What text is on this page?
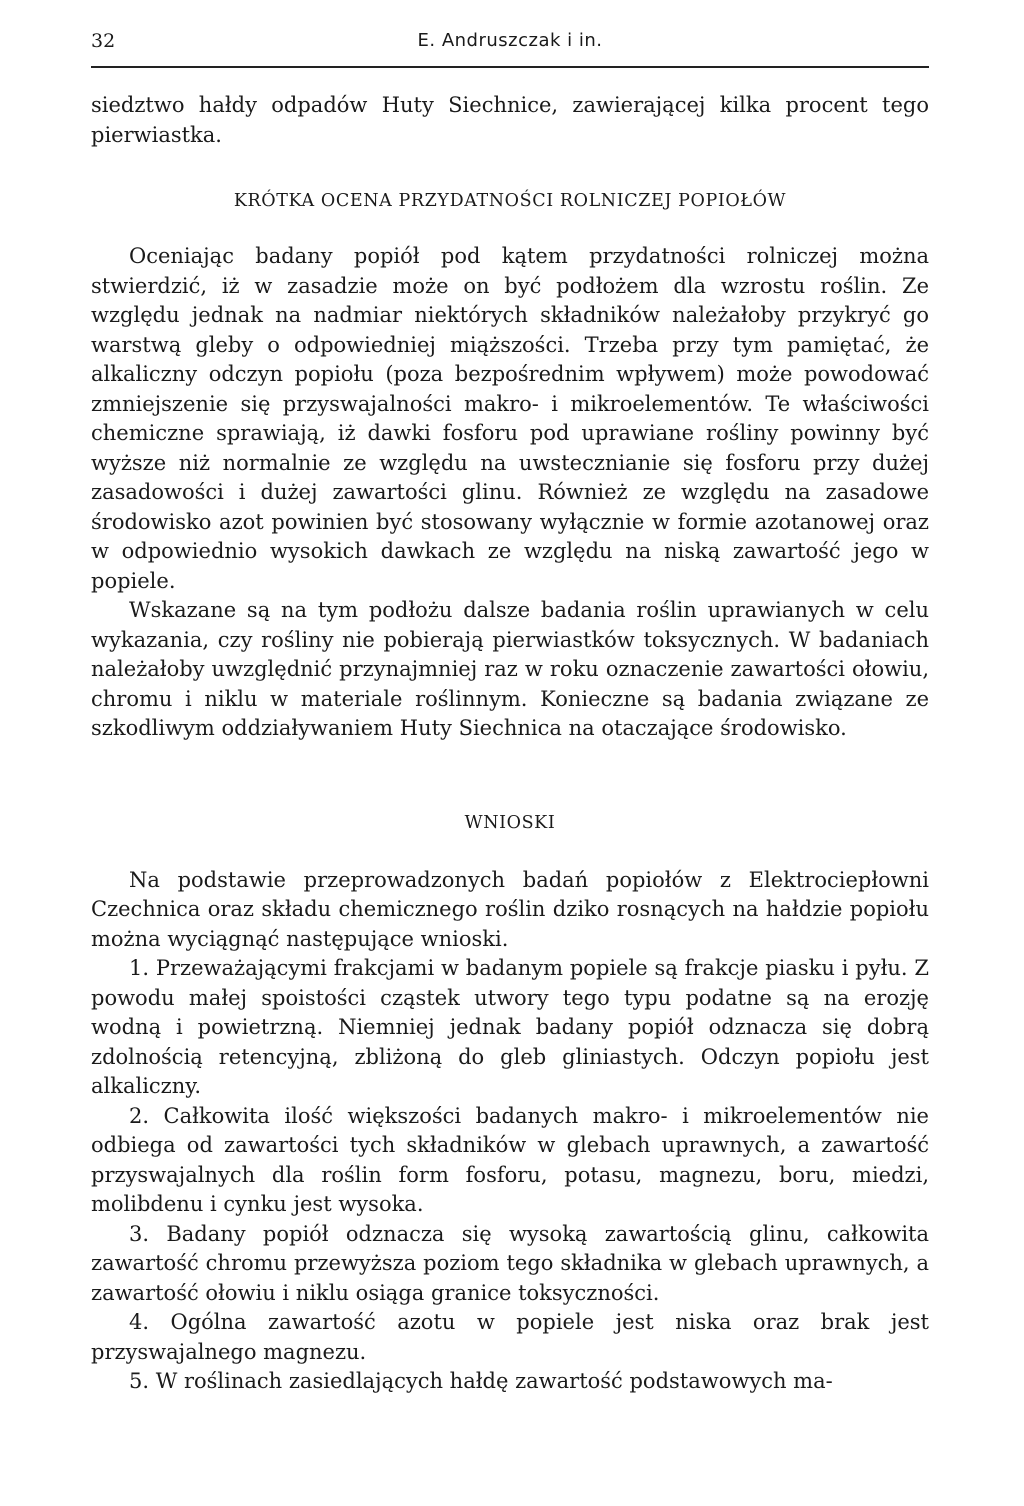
32	E. Andruszczak i in.

siedztwo hałdy odpadów Huty Siechnice, zawierającej kilka procent tego pierwiastka.

KRÓTKA OCENA PRZYDATNOŚCI ROLNICZEJ POPIOŁÓW

Oceniając badany popiół pod kątem przydatności rolniczej można stwierdzić, iż w zasadzie może on być podłożem dla wzrostu roślin. Ze względu jednak na nadmiar niektórych składników należałoby przykryć go warstwą gleby o odpowiedniej miąższości. Trzeba przy tym pamiętać, że alkaliczny odczyn popiołu (poza bezpośrednim wpływem) może powodować zmniejszenie się przyswajalności makro- i mikroelementów. Te właściwości chemiczne sprawiają, iż dawki fosforu pod uprawiane rośliny powinny być wyższe niż normalnie ze względu na uwstecznianie się fosforu przy dużej zasadowości i dużej zawartości glinu. Również ze względu na zasadowe środowisko azot powinien być stosowany wyłącznie w formie azotanowej oraz w odpowiednio wysokich dawkach ze względu na niską zawartość jego w popiele.

Wskazane są na tym podłożu dalsze badania roślin uprawianych w celu wykazania, czy rośliny nie pobierają pierwiastków toksycznych. W badaniach należałoby uwzględnić przynajmniej raz w roku oznaczenie zawartości ołowiu, chromu i niklu w materiale roślinnym. Konieczne są badania związane ze szkodliwym oddziaływaniem Huty Siechnica na otaczające środowisko.

WNIOSKI

Na podstawie przeprowadzonych badań popiołów z Elektrociepłowni Czechnica oraz składu chemicznego roślin dziko rosnących na hałdzie popiołu można wyciągnąć następujące wnioski.

1. Przeważającymi frakcjami w badanym popiele są frakcje piasku i pyłu. Z powodu małej spoistości cząstek utwory tego typu podatne są na erozję wodną i powietrzną. Niemniej jednak badany popiół odznacza się dobrą zdolnością retencyjną, zbliżoną do gleb gliniastych. Odczyn popiołu jest alkaliczny.

2. Całkowita ilość większości badanych makro- i mikroelementów nie odbiega od zawartości tych składników w glebach uprawnych, a zawartość przyswajalnych dla roślin form fosforu, potasu, magnezu, boru, miedzi, molibdenu i cynku jest wysoka.

3. Badany popiół odznacza się wysoką zawartością glinu, całkowita zawartość chromu przewyższa poziom tego składnika w glebach uprawnych, a zawartość ołowiu i niklu osiąga granice toksyczności.

4. Ogólna zawartość azotu w popiele jest niska oraz brak jest przyswajalnego magnezu.

5. W roślinach zasiedlających hałdę zawartość podstawowych ma-
